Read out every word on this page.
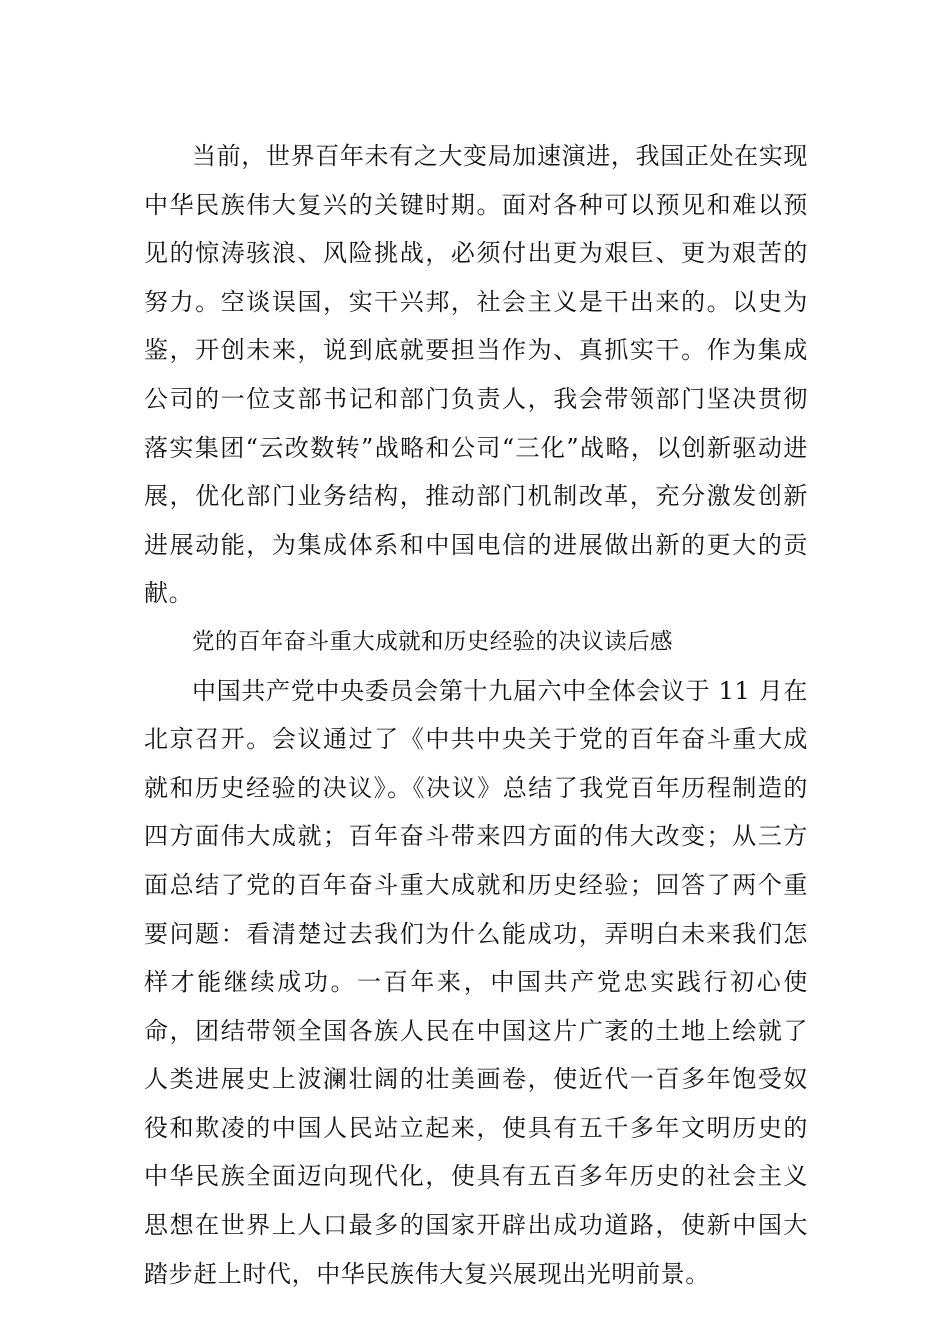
当前，世界百年未有之大变局加速演进，我国正处在实现中华民族伟大复兴的关键时期。面对各种可以预见和难以预见的惊涛骇浪、风险挑战，必须付出更为艰巨、更为艰苦的努力。空谈误国，实干兴邦，社会主义是干出来的。以史为鉴，开创未来，说到底就要担当作为、真抓实干。作为集成公司的一位支部书记和部门负责人，我会带领部门坚决贯彻落实集团“云改数转”战略和公司“三化”战略，以创新驱动进展，优化部门业务结构，推动部门机制改革，充分激发创新进展动能，为集成体系和中国电信的进展做出新的更大的贡献。

党的百年奋斗重大成就和历史经验的决议读后感

中国共产党中央委员会第十九届六中全体会议于 11 月在北京召开。会议通过了《中共中央关于党的百年奋斗重大成就和历史经验的决议》。《决议》总结了我党百年历程制造的四方面伟大成就；百年奋斗带来四方面的伟大改变；从三方面总结了党的百年奋斗重大成就和历史经验；回答了两个重要问题：看清楚过去我们为什么能成功，弄明白未来我们怎样才能继续成功。一百年来，中国共产党忠实践行初心使命，团结带领全国各族人民在中国这片广袤的土地上绘就了人类进展史上波澜壮阔的壮美画卷，使近代一百多年饱受奴役和欺凌的中国人民站立起来，使具有五千多年文明历史的中华民族全面迈向现代化，使具有五百多年历史的社会主义思想在世界上人口最多的国家开辟出成功道路，使新中国大踏步赶上时代，中华民族伟大复兴展现出光明前景。
